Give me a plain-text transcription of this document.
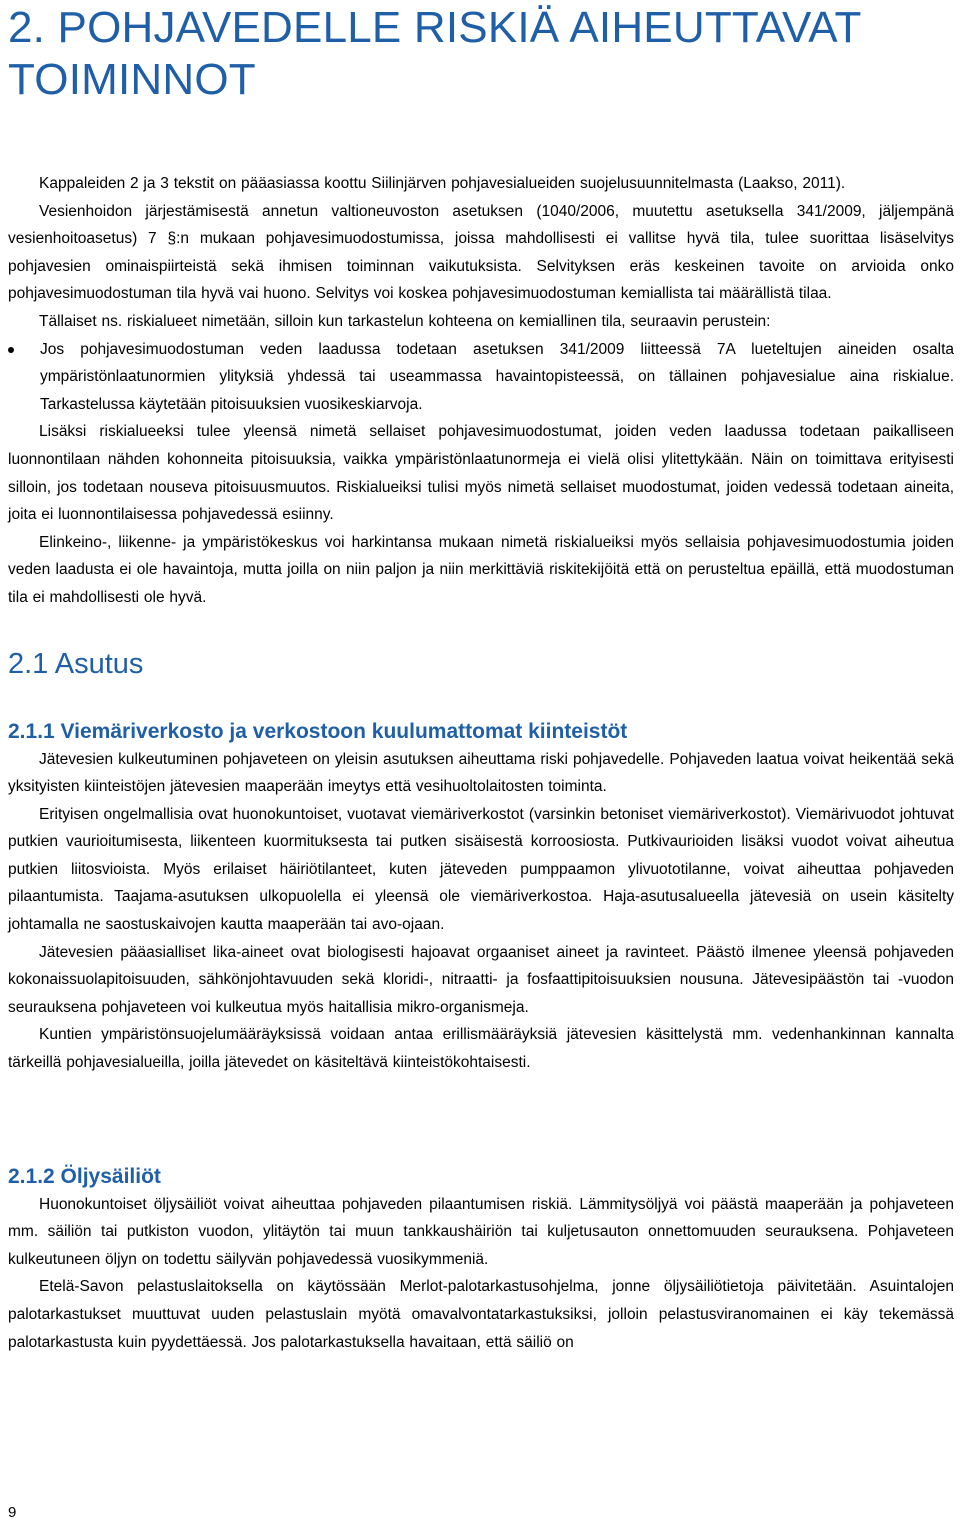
2. POHJAVEDELLE RISKIÄ AIHEUTTAVAT TOIMINNOT

Kappaleiden 2 ja 3 tekstit on pääasiassa koottu Siilinjärven pohjavesialueiden suojelusuunnitelmasta (Laakso, 2011).

Vesienhoidon järjestämisestä annetun valtioneuvoston asetuksen (1040/2006, muutettu asetuksella 341/2009, jäljempänä vesienhoitoasetus) 7 §:n mukaan pohjavesimuodostumissa, joissa mahdollisesti ei vallitse hyvä tila, tulee suorittaa lisäselvitys pohjavesien ominaispiirteistä sekä ihmisen toiminnan vaikutuksista. Selvityksen eräs keskeinen tavoite on arvioida onko pohjavesimuodostuman tila hyvä vai huono. Selvitys voi koskea pohjavesimuodostuman kemiallista tai määrällistä tilaa.

Tällaiset ns. riskialueet nimetään, silloin kun tarkastelun kohteena on kemiallinen tila, seuraavin perustein:

Jos pohjavesimuodostuman veden laadussa todetaan asetuksen 341/2009 liitteessä 7A lueteltujen aineiden osalta ympäristönlaatunormien ylityksiä yhdessä tai useammassa havaintopisteessä, on tällainen pohjavesialue aina riskialue. Tarkastelussa käytetään pitoisuuksien vuosikeskiarvoja.

Lisäksi riskialueeksi tulee yleensä nimetä sellaiset pohjavesimuodostumat, joiden veden laadussa todetaan paikalliseen luonnontilaan nähden kohonneita pitoisuuksia, vaikka ympäristönlaatunormeja ei vielä olisi ylitettykään. Näin on toimittava erityisesti silloin, jos todetaan nouseva pitoisuusmuutos. Riskialueiksi tulisi myös nimetä sellaiset muodostumat, joiden vedessä todetaan aineita, joita ei luonnontilaisessa pohjavedessä esiinny.

Elinkeino-, liikenne- ja ympäristökeskus voi harkintansa mukaan nimetä riskialueiksi myös sellaisia pohjavesimuodostumia joiden veden laadusta ei ole havaintoja, mutta joilla on niin paljon ja niin merkittäviä riskitekijöitä että on perusteltua epäillä, että muodostuman tila ei mahdollisesti ole hyvä.

2.1 Asutus
2.1.1 Viemäriverkosto ja verkostoon kuulumattomat kiinteistöt

Jätevesien kulkeutuminen pohjaveteen on yleisin asutuksen aiheuttama riski pohjavedelle. Pohjaveden laatua voivat heikentää sekä yksityisten kiinteistöjen jätevesien maaperään imeytys että vesihuoltolaitosten toiminta.

Erityisen ongelmallisia ovat huonokuntoiset, vuotavat viemäriverkostot (varsinkin betoniset viemäriverkostot). Viemärivuodot johtuvat putkien vaurioitumisesta, liikenteen kuormituksesta tai putken sisäisestä korroosiosta. Putkivaurioiden lisäksi vuodot voivat aiheutua putkien liitosvioista. Myös erilaiset häiriötilanteet, kuten jäteveden pumppaamon ylivuototilanne, voivat aiheuttaa pohjaveden pilaantumista. Taajama-asutuksen ulkopuolella ei yleensä ole viemäriverkostoa. Haja-asutusalueella jätevesiä on usein käsitelty johtamalla ne saostuskaivojen kautta maaperään tai avo-ojaan.

Jätevesien pääasialliset lika-aineet ovat biologisesti hajoavat orgaaniset aineet ja ravinteet. Päästö ilmenee yleensä pohjaveden kokonaissuolapitoisuuden, sähkönjohtavuuden sekä kloridi-, nitraatti- ja fosfaattipitoisuuksien nousuna. Jätevesipäästön tai -vuodon seurauksena pohjaveteen voi kulkeutua myös haitallisia mikro-organismeja.

Kuntien ympäristönsuojelumääräyksissä voidaan antaa erillismääräyksiä jätevesien käsittelystä mm. vedenhankinnan kannalta tärkeillä pohjavesialueilla, joilla jätevedet on käsiteltävä kiinteistökohtaisesti.

2.1.2 Öljysäiliöt

Huonokuntoiset öljysäiliöt voivat aiheuttaa pohjaveden pilaantumisen riskiä. Lämmitysöljyä voi päästä maaperään ja pohjaveteen mm. säiliön tai putkiston vuodon, ylitäytön tai muun tankkaushäiriön tai kuljetusauton onnettomuuden seurauksena. Pohjaveteen kulkeutuneen öljyn on todettu säilyvän pohjavedessä vuosikymmeniä.

Etelä-Savon pelastuslaitoksella on käytössään Merlot-palotarkastusohjelma, jonne öljysäiliötietoja päivitetään. Asuintalojen palotarkastukset muuttuvat uuden pelastuslain myötä omavalvontatarkastuksiksi, jolloin pelastusviranomainen ei käy tekemässä palotarkastusta kuin pyydettäessä. Jos palotarkastuksella havaitaan, että säiliö on

9
